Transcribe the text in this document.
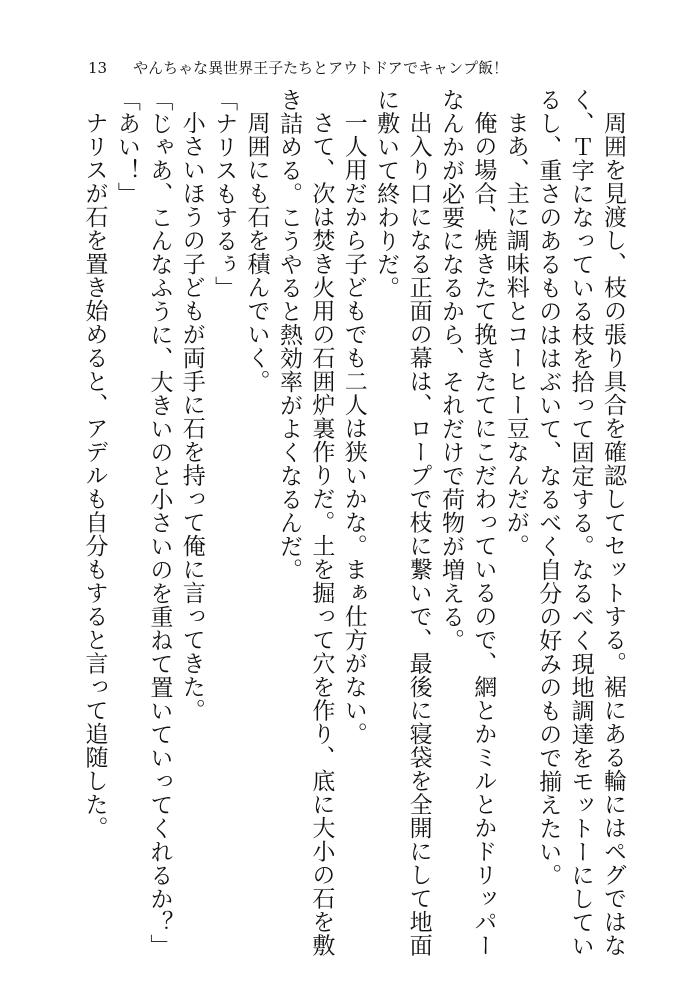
13 やんちゃな異世界王子たちとアウトドアでキャンプ飯！

周囲を見渡し、枝の張り具合を確認してセットする。裾にある輪にはペグではなく、Ｔ字になっている枝を拾って固定する。なるべく現地調達をモットーにしているし、重さのあるものははぶいて、なるべく自分の好みのもので揃えたい。

まあ、主に調味料とコーヒー豆なんだが。

俺の場合、焼きたて挽きたてにこだわっているので、網とかミルとかドリッパーなんかが必要になるから、それだけで荷物が増える。

出入り口になる正面の幕は、ロープで枝に繋いで、最後に寝袋を全開にして地面に敷いて終わりだ。

一人用だから子どもでも二人は狭いかな。まぁ仕方がない。

さて、次は焚き火用の石囲炉裏作りだ。土を掘って穴を作り、底に大小の石を敷き詰める。こうやると熱効率がよくなるんだ。

周囲にも石を積んでいく。

「ナリスもするぅ」

小さいほうの子どもが両手に石を持って俺に言ってきた。

「じゃあ、こんなふうに、大きいのと小さいのを重ねて置いていってくれるか？」

「あい！」

ナリスが石を置き始めると、アデルも自分もすると言って追随した。
